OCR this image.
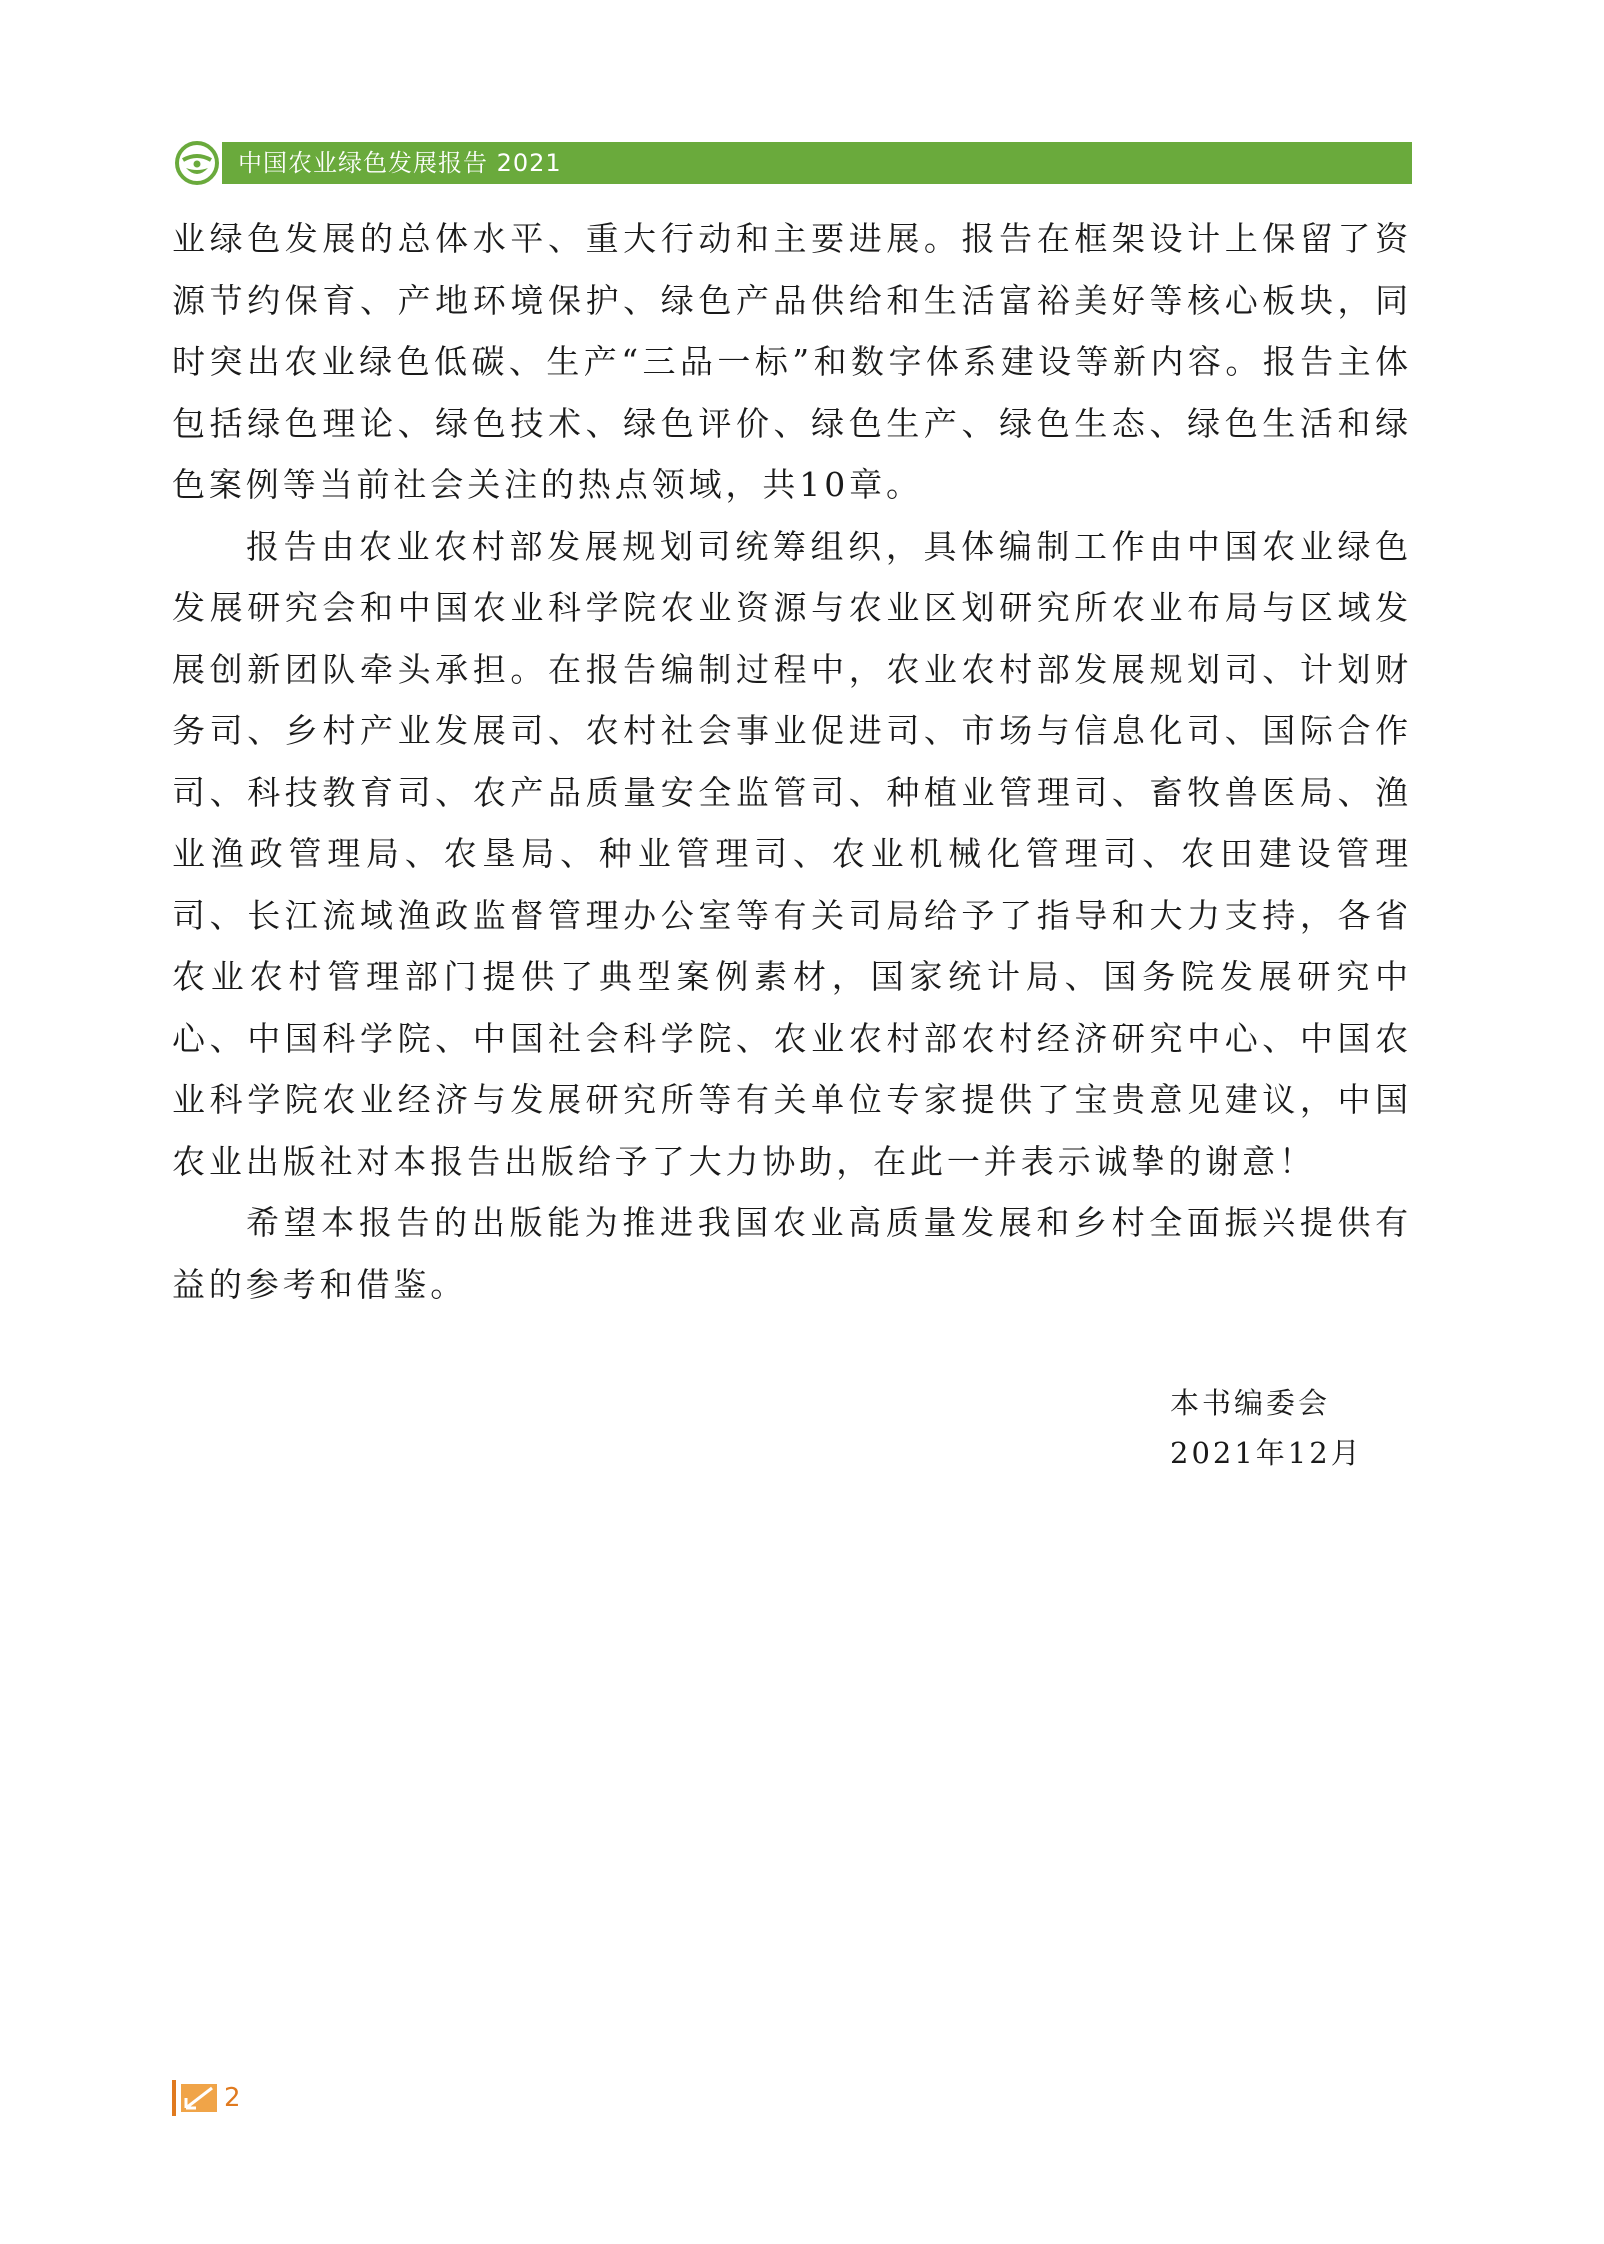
中国农业绿色发展报告 2021

业绿色发展的总体水平、重大行动和主要进展。报告在框架设计上保留了资源节约保育、产地环境保护、绿色产品供给和生活富裕美好等核心板块，同时突出农业绿色低碳、生产“三品一标”和数字体系建设等新内容。报告主体包括绿色理论、绿色技术、绿色评价、绿色生产、绿色生态、绿色生活和绿色案例等当前社会关注的热点领域，共10章。

报告由农业农村部发展规划司统筹组织，具体编制工作由中国农业绿色发展研究会和中国农业科学院农业资源与农业区划研究所农业布局与区域发展创新团队牵头承担。在报告编制过程中，农业农村部发展规划司、计划财务司、乡村产业发展司、农村社会事业促进司、市场与信息化司、国际合作司、科技教育司、农产品质量安全监管司、种植业管理司、畜牧兽医局、渔业渔政管理局、农垦局、种业管理司、农业机械化管理司、农田建设管理司、长江流域渔政监督管理办公室等有关司局给予了指导和大力支持，各省农业农村管理部门提供了典型案例素材，国家统计局、国务院发展研究中心、中国科学院、中国社会科学院、农业农村部农村经济研究中心、中国农业科学院农业经济与发展研究所等有关单位专家提供了宝贵意见建议，中国农业出版社对本报告出版给予了大力协助，在此一并表示诚挚的谢意！

希望本报告的出版能为推进我国农业高质量发展和乡村全面振兴提供有益的参考和借鉴。

本书编委会
2021年12月
2
